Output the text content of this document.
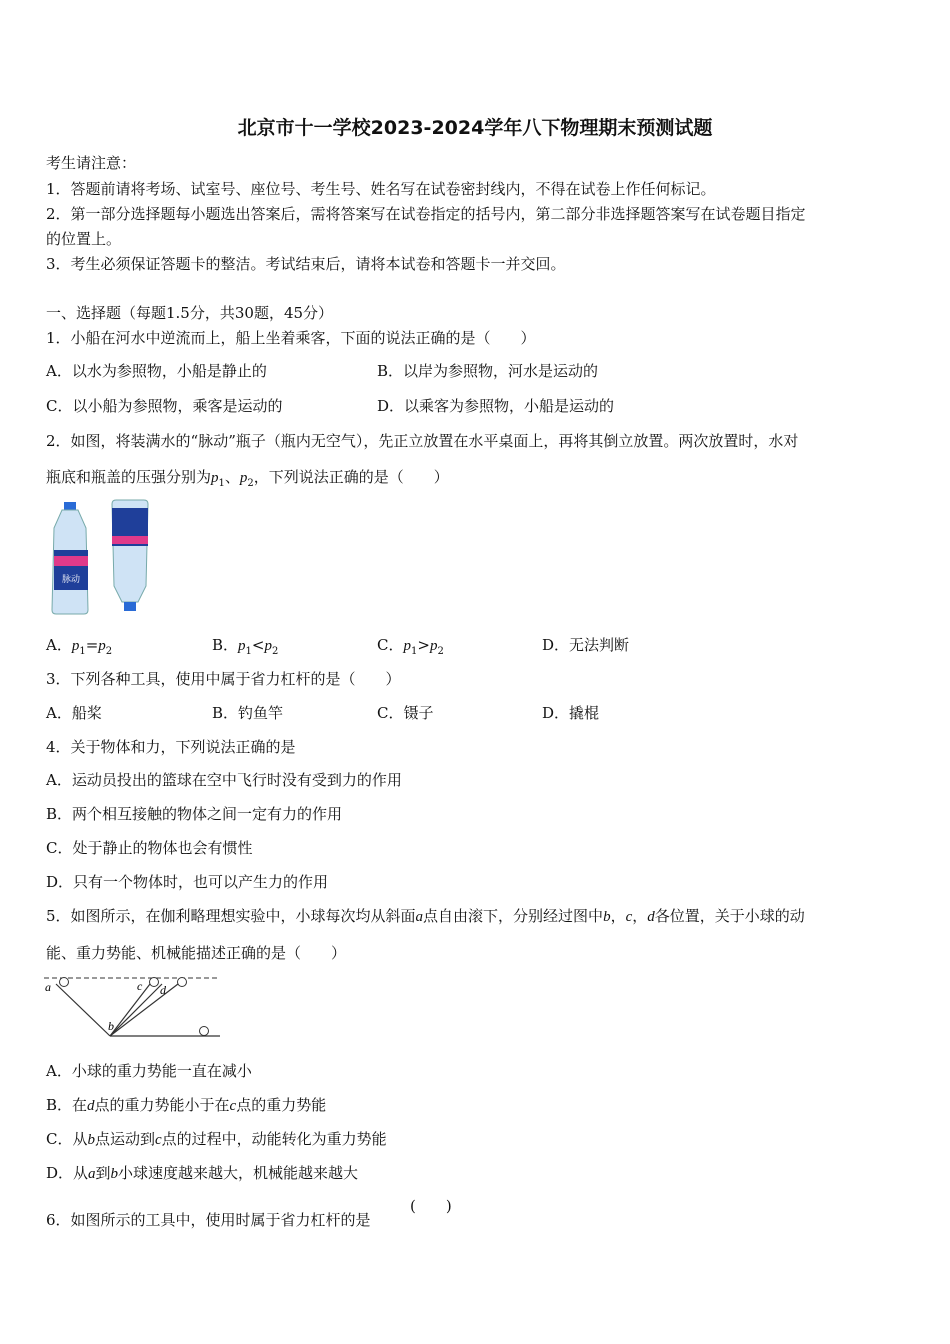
北京市十一学校2023-2024学年八下物理期末预测试题
考生请注意：
1．答题前请将考场、试室号、座位号、考生号、姓名写在试卷密封线内，不得在试卷上作任何标记。
2．第一部分选择题每小题选出答案后，需将答案写在试卷指定的括号内，第二部分非选择题答案写在试卷题目指定
的位置上。
3．考生必须保证答题卡的整洁。考试结束后，请将本试卷和答题卡一并交回。
一、选择题（每题1.5分，共30题，45分）
1．小船在河水中逆流而上，船上坐着乘客，下面的说法正确的是（　　）
A．以水为参照物，小船是静止的	B．以岸为参照物，河水是运动的
C．以小船为参照物，乘客是运动的	D．以乘客为参照物，小船是运动的
2．如图，将装满水的“脉动”瓶子（瓶内无空气），先正立放置在水平桌面上，再将其倒立放置。两次放置时，水对
瓶底和瓶盖的压强分别为$p_1$、$p_2$，下列说法正确的是（　　）
脉动
A．$p_1=p_2$	B．$p_1<p_2$	C．$p_1>p_2$	D．无法判断
3．下列各种工具，使用中属于省力杠杆的是（　　）
A．船桨	B．钓鱼竿	C．镊子	D．撬棍
4．关于物体和力，下列说法正确的是
A．运动员投出的篮球在空中飞行时没有受到力的作用
B．两个相互接触的物体之间一定有力的作用
C．处于静止的物体也会有惯性
D．只有一个物体时，也可以产生力的作用
5．如图所示，在伽利略理想实验中，小球每次均从斜面a点自由滚下，分别经过图中b，c，d各位置，关于小球的动
能、重力势能、机械能描述正确的是（　　）
a
b
c d
A．小球的重力势能一直在减小
B．在d点的重力势能小于在c点的重力势能
C．从b点运动到c点的过程中，动能转化为重力势能
D．从a到b小球速度越来越大，机械能越来越大
6．如图所示的工具中，使用时属于省力杠杆的是
(　　)
